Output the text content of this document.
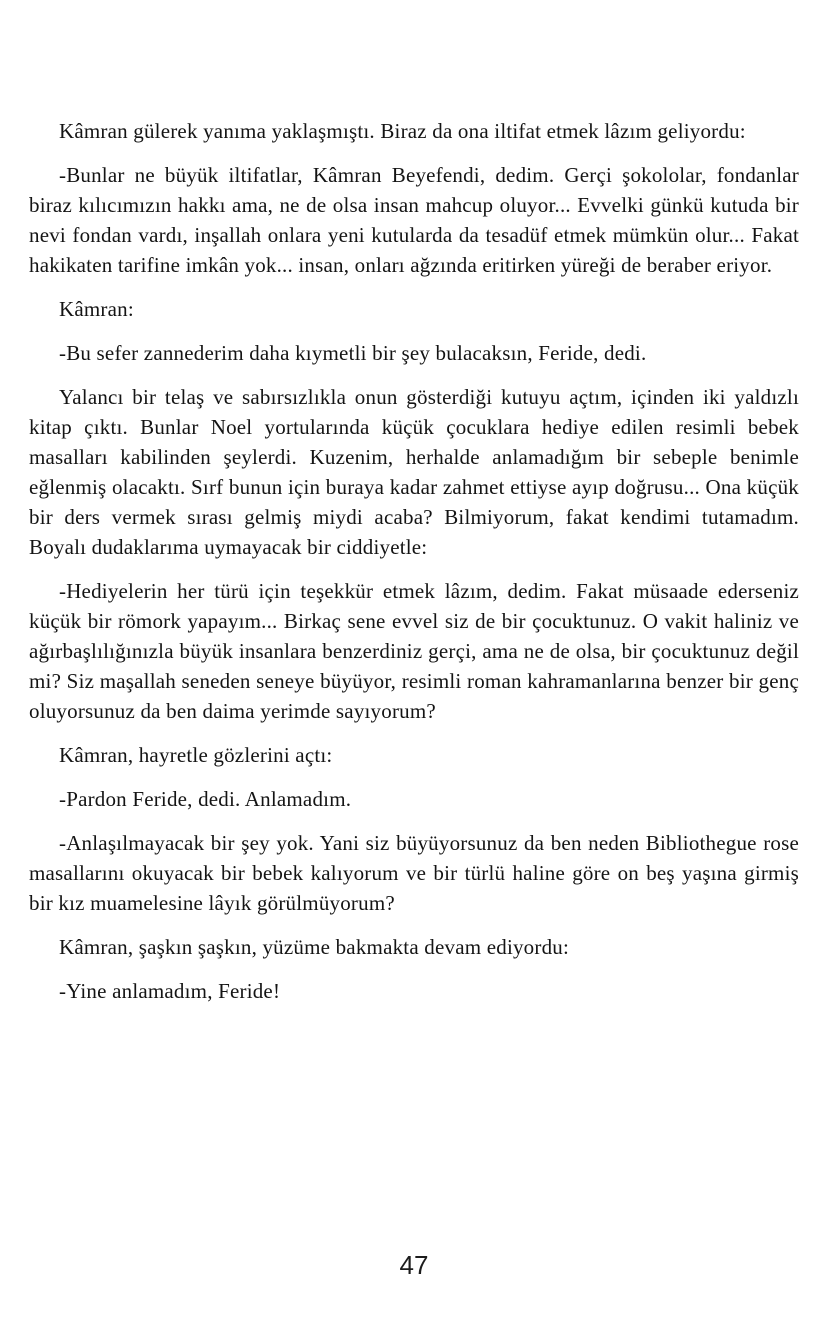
Kâmran gülerek yanıma yaklaşmıştı. Biraz da ona iltifat etmek lâzım geliyordu:

-Bunlar ne büyük iltifatlar, Kâmran Beyefendi, dedim. Gerçi şokololar, fondanlar biraz kılıcımızın hakkı ama, ne de olsa insan mahcup oluyor... Evvelki günkü kutuda bir nevi fondan vardı, inşallah onlara yeni kutularda da tesadüf etmek mümkün olur... Fakat hakikaten tarifine imkân yok... insan, onları ağzında eritirken yüreği de beraber eriyor.

Kâmran:

-Bu sefer zannederim daha kıymetli bir şey bulacaksın, Feride, dedi.

Yalancı bir telaş ve sabırsızlıkla onun gösterdiği kutuyu açtım, içinden iki yaldızlı kitap çıktı. Bunlar Noel yortularında küçük çocuklara hediye edilen resimli bebek masalları kabilinden şeylerdi. Kuzenim, herhalde anlamadığım bir sebeple benimle eğlenmiş olacaktı. Sırf bunun için buraya kadar zahmet ettiyse ayıp doğrusu... Ona küçük bir ders vermek sırası gelmiş miydi acaba? Bilmiyorum, fakat kendimi tutamadım. Boyalı dudaklarıma uymayacak bir ciddiyetle:

-Hediyelerin her türü için teşekkür etmek lâzım, dedim. Fakat müsaade ederseniz küçük bir römork yapayım... Birkaç sene evvel siz de bir çocuktunuz. O vakit haliniz ve ağırbaşlılığınızla büyük insanlara benzerdiniz gerçi, ama ne de olsa, bir çocuktunuz değil mi? Siz maşallah seneden seneye büyüyor, resimli roman kahramanlarına benzer bir genç oluyorsunuz da ben daima yerimde sayıyorum?

Kâmran, hayretle gözlerini açtı:

-Pardon Feride, dedi. Anlamadım.

-Anlaşılmayacak bir şey yok. Yani siz büyüyorsunuz da ben neden Bibliothegue rose masallarını okuyacak bir bebek kalıyorum ve bir türlü haline göre on beş yaşına girmiş bir kız muamelesine lâyık görülmüyorum?

Kâmran, şaşkın şaşkın, yüzüme bakmakta devam ediyordu:

-Yine anlamadım, Feride!

47
